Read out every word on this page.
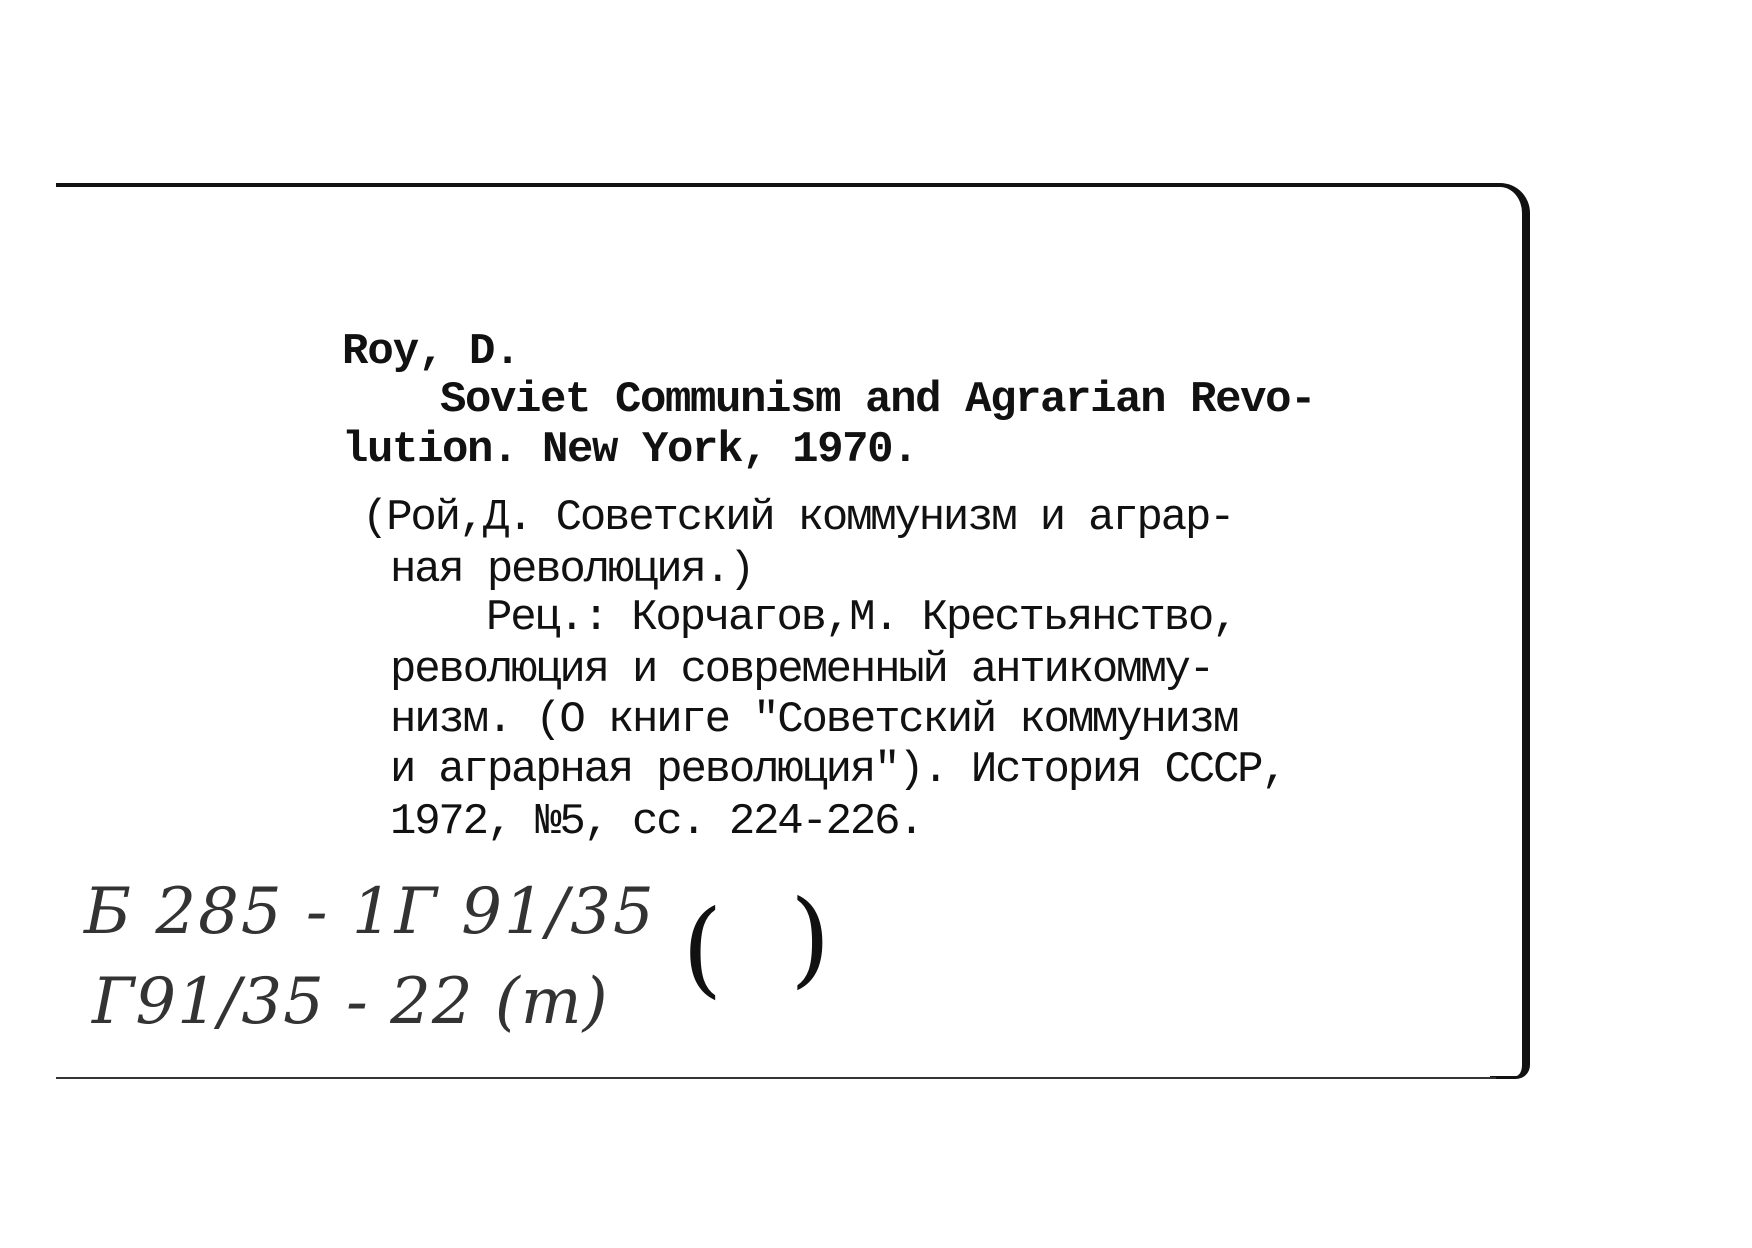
Roy, D.
Soviet Communism and Agrarian Revo-
lution. New York, 1970.
(Рой,Д. Советский коммунизм и аграр-
ная революция.)
Рец.: Корчагов,М. Крестьянство,
революция и современный антикомму-
низм. (О книге "Советский коммунизм
и аграрная революция"). История СССР,
1972, №5, сс. 224-226.
Б 285 - 1Г 91/35
Г91/35 - 22 (т) ( )
